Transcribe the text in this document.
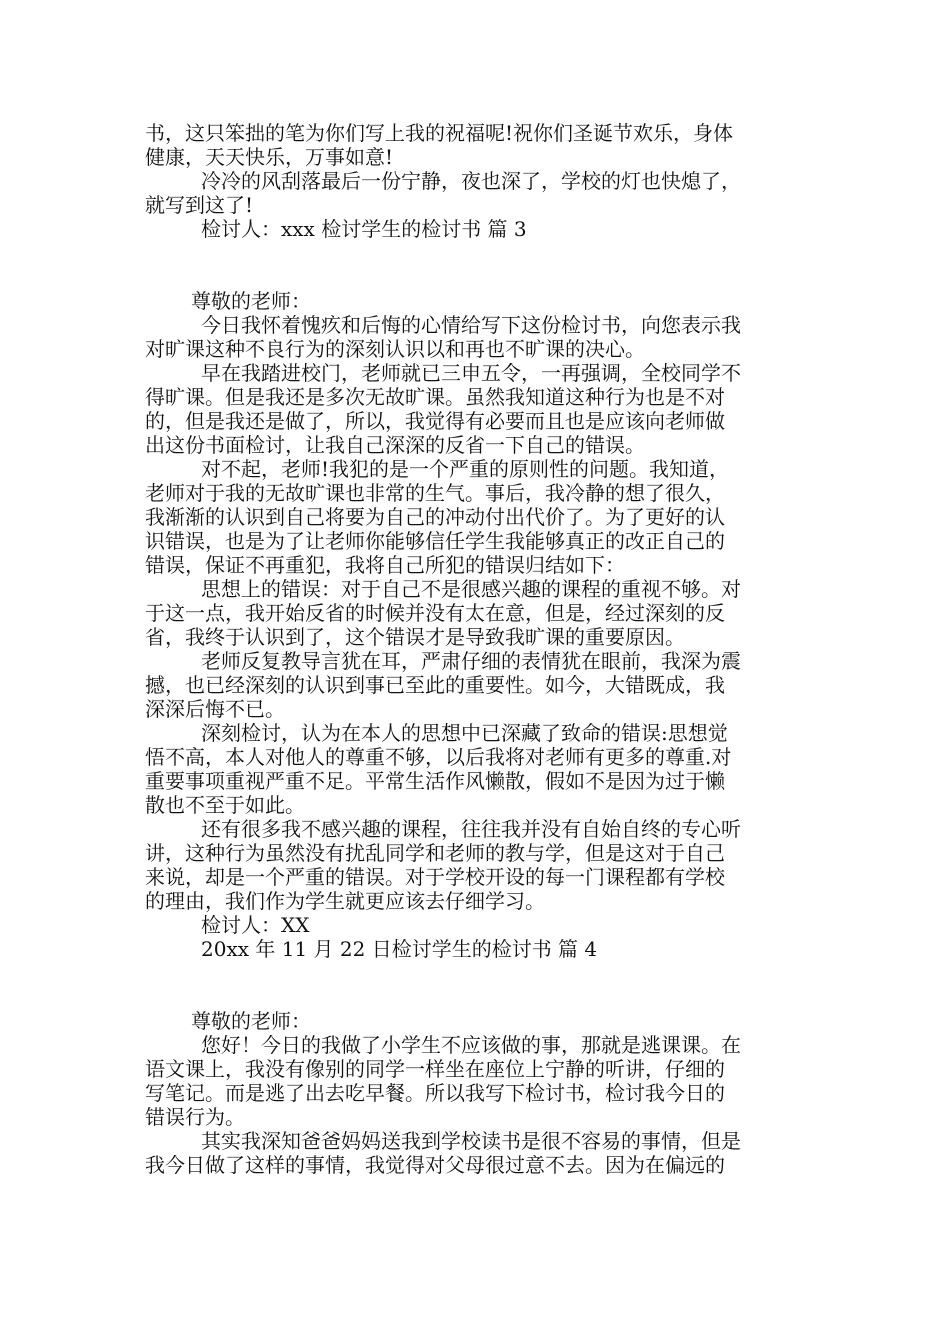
书，这只笨拙的笔为你们写上我的祝福呢!祝你们圣诞节欢乐，身体
健康，天天快乐，万事如意!
冷冷的风刮落最后一份宁静，夜也深了，学校的灯也快熄了，
就写到这了!
检讨人：xxx 检讨学生的检讨书 篇 3
尊敬的老师：
今日我怀着愧疚和后悔的心情给写下这份检讨书，向您表示我
对旷课这种不良行为的深刻认识以和再也不旷课的决心。
早在我踏进校门，老师就已三申五令，一再强调，全校同学不
得旷课。但是我还是多次无故旷课。虽然我知道这种行为也是不对
的，但是我还是做了，所以，我觉得有必要而且也是应该向老师做
出这份书面检讨，让我自己深深的反省一下自己的错误。
对不起，老师!我犯的是一个严重的原则性的问题。我知道，
老师对于我的无故旷课也非常的生气。事后，我冷静的想了很久，
我渐渐的认识到自己将要为自己的冲动付出代价了。为了更好的认
识错误，也是为了让老师你能够信任学生我能够真正的改正自己的
错误，保证不再重犯，我将自己所犯的错误归结如下：
思想上的错误：对于自己不是很感兴趣的课程的重视不够。对
于这一点，我开始反省的时候并没有太在意，但是，经过深刻的反
省，我终于认识到了，这个错误才是导致我旷课的重要原因。
老师反复教导言犹在耳，严肃仔细的表情犹在眼前，我深为震
撼，也已经深刻的认识到事已至此的重要性。如今，大错既成，我
深深后悔不已。
深刻检讨，认为在本人的思想中已深藏了致命的错误:思想觉
悟不高，本人对他人的尊重不够，以后我将对老师有更多的尊重.对
重要事项重视严重不足。平常生活作风懒散，假如不是因为过于懒
散也不至于如此。
还有很多我不感兴趣的课程，往往我并没有自始自终的专心听
讲，这种行为虽然没有扰乱同学和老师的教与学，但是这对于自己
来说，却是一个严重的错误。对于学校开设的每一门课程都有学校
的理由，我们作为学生就更应该去仔细学习。
检讨人：XX
20xx 年 11 月 22 日检讨学生的检讨书 篇 4
尊敬的老师：
您好！今日的我做了小学生不应该做的事，那就是逃课课。在
语文课上，我没有像别的同学一样坐在座位上宁静的听讲，仔细的
写笔记。而是逃了出去吃早餐。所以我写下检讨书，检讨我今日的
错误行为。
其实我深知爸爸妈妈送我到学校读书是很不容易的事情，但是
我今日做了这样的事情，我觉得对父母很过意不去。因为在偏远的
